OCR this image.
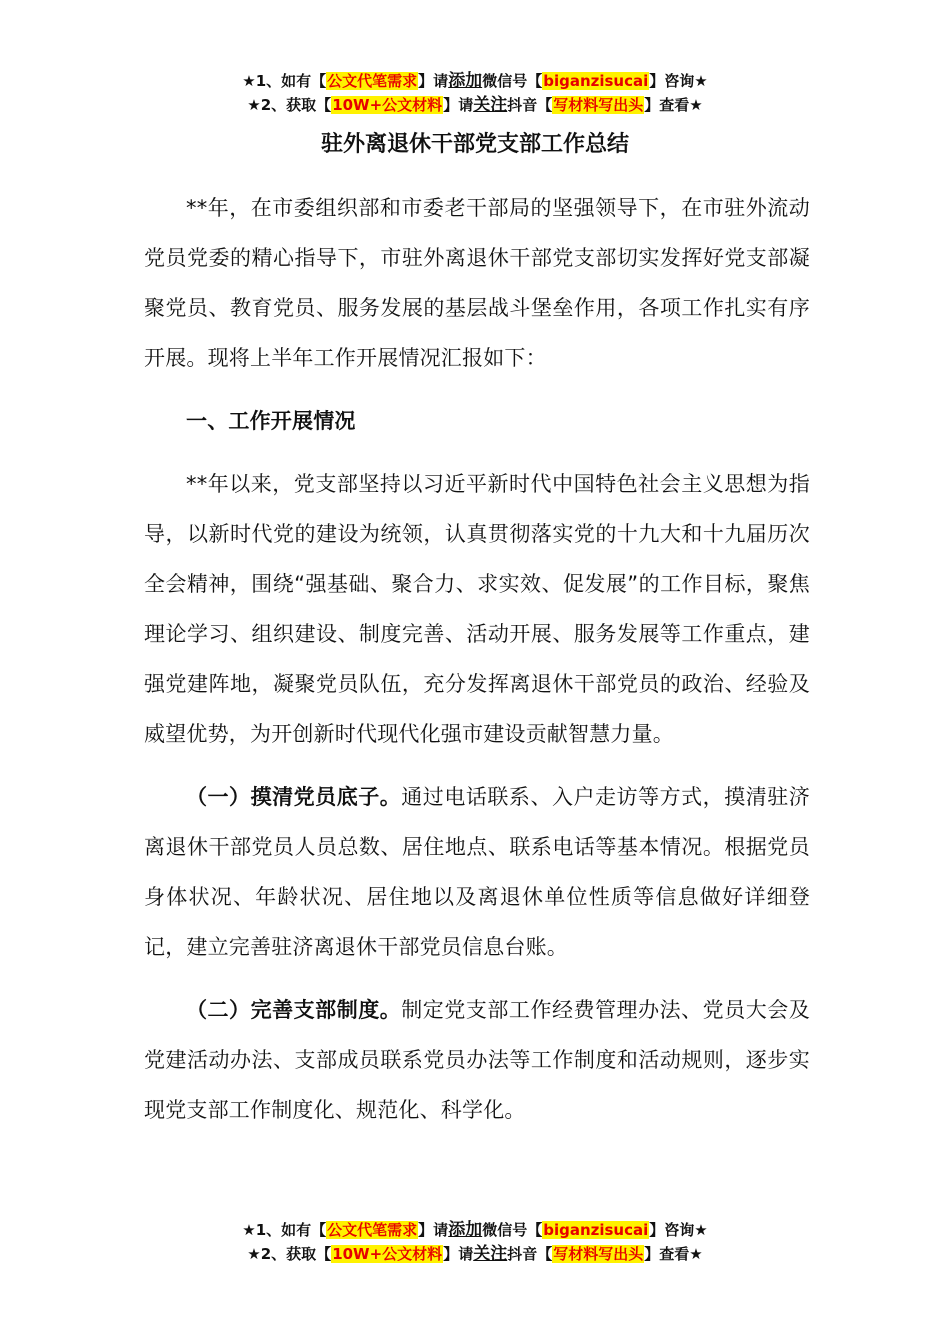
★1、如有【公文代笔需求】请添加微信号【biganzisucai】咨询★
★2、获取【10W+公文材料】请关注抖音【写材料写出头】查看★
驻外离退休干部党支部工作总结

**年，在市委组织部和市委老干部局的坚强领导下，在市驻外流动党员党委的精心指导下，市驻外离退休干部党支部切实发挥好党支部凝聚党员、教育党员、服务发展的基层战斗堡垒作用，各项工作扎实有序开展。现将上半年工作开展情况汇报如下：

一、工作开展情况

**年以来，党支部坚持以习近平新时代中国特色社会主义思想为指导，以新时代党的建设为统领，认真贯彻落实党的十九大和十九届历次全会精神，围绕“强基础、聚合力、求实效、促发展”的工作目标，聚焦理论学习、组织建设、制度完善、活动开展、服务发展等工作重点，建强党建阵地，凝聚党员队伍，充分发挥离退休干部党员的政治、经验及威望优势，为开创新时代现代化强市建设贡献智慧力量。

（一）摸清党员底子。通过电话联系、入户走访等方式，摸清驻济离退休干部党员人员总数、居住地点、联系电话等基本情况。根据党员身体状况、年龄状况、居住地以及离退休单位性质等信息做好详细登记，建立完善驻济离退休干部党员信息台账。

（二）完善支部制度。制定党支部工作经费管理办法、党员大会及党建活动办法、支部成员联系党员办法等工作制度和活动规则，逐步实现党支部工作制度化、规范化、科学化。

★1、如有【公文代笔需求】请添加微信号【biganzisucai】咨询★
★2、获取【10W+公文材料】请关注抖音【写材料写出头】查看★
